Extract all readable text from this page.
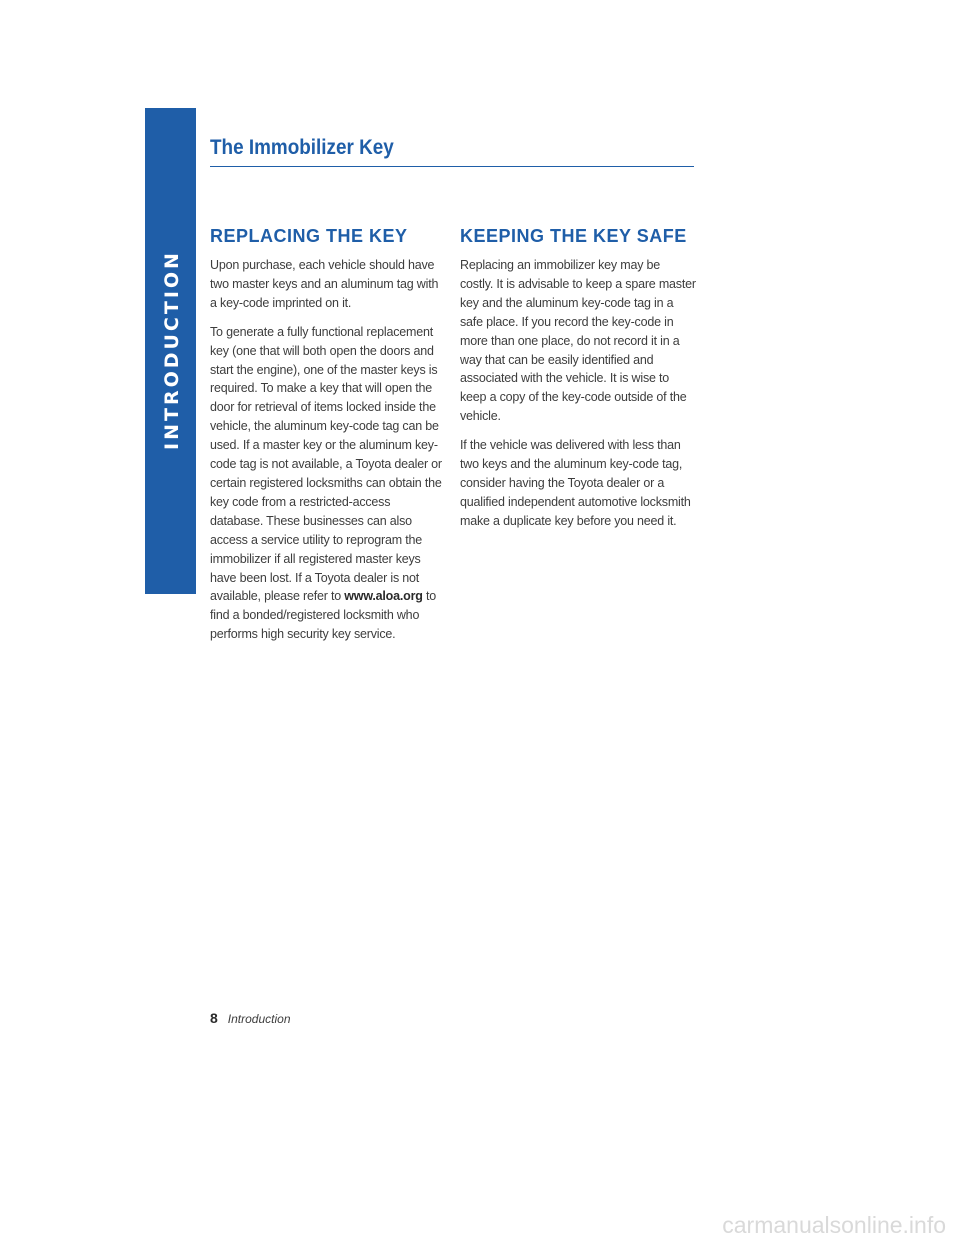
INTRODUCTION
The Immobilizer Key
REPLACING THE KEY

Upon purchase, each vehicle should have two master keys and an aluminum tag with a key-code imprinted on it.

To generate a fully functional replacement key (one that will both open the doors and start the engine), one of the master keys is required. To make a key that will open the door for retrieval of items locked inside the vehicle, the aluminum key-code tag can be used. If a master key or the aluminum key-code tag is not available, a Toyota dealer or certain registered locksmiths can obtain the key code from a restricted-access database. These businesses can also access a service utility to reprogram the immobilizer if all registered master keys have been lost. If a Toyota dealer is not available, please refer to www.aloa.org to find a bonded/registered locksmith who performs high security key service.

KEEPING THE KEY SAFE

Replacing an immobilizer key may be costly. It is advisable to keep a spare master key and the aluminum key-code tag in a safe place. If you record the key-code in more than one place, do not record it in a way that can be easily identified and associated with the vehicle. It is wise to keep a copy of the key-code outside of the vehicle.

If the vehicle was delivered with less than two keys and the aluminum key-code tag, consider having the Toyota dealer or a qualified independent automotive locksmith make a duplicate key before you need it.

8 Introduction
carmanualsonline.info
